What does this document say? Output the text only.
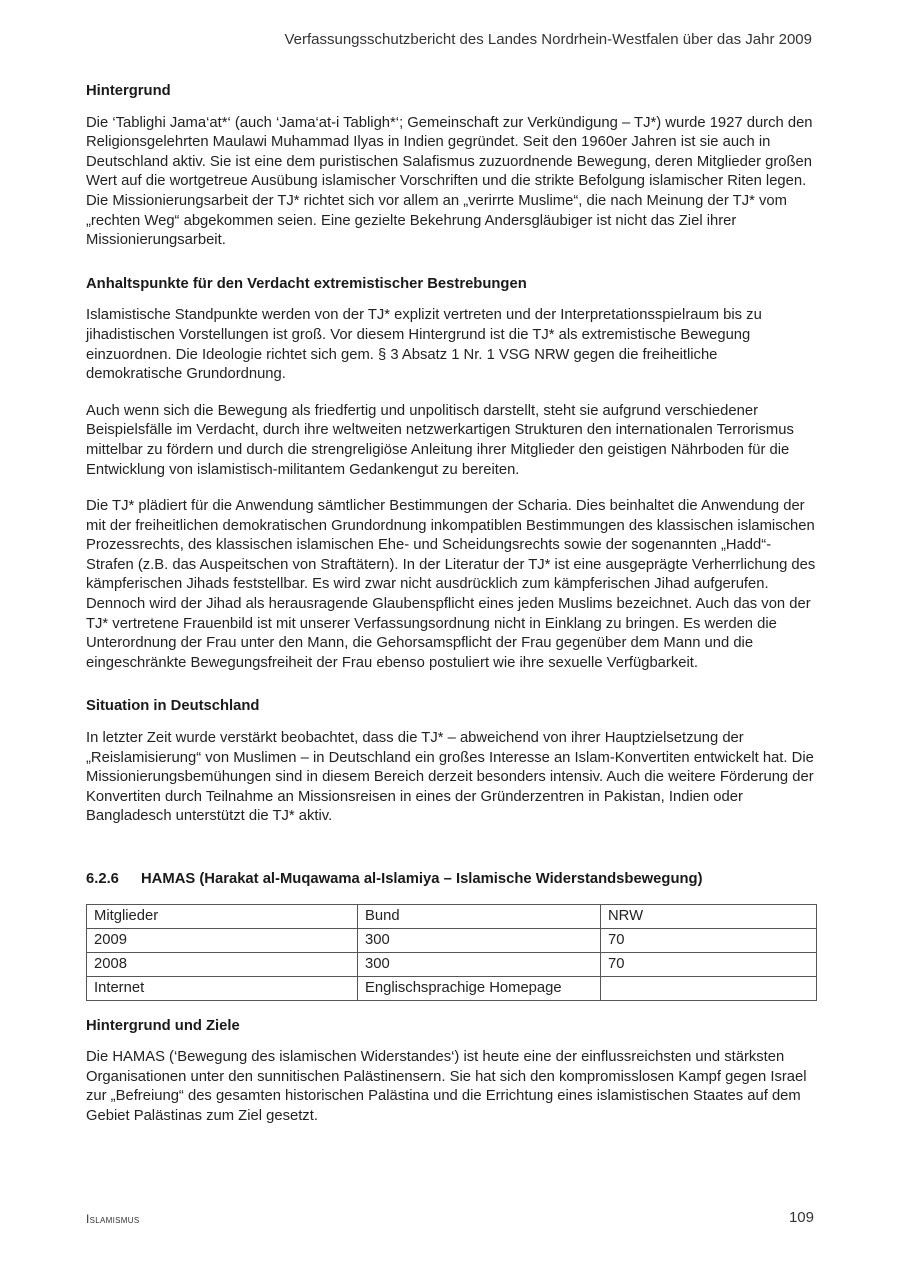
Verfassungsschutzbericht des Landes Nordrhein-Westfalen über das Jahr 2009
Hintergrund

Die ‘Tablighi Jama‘at*‘ (auch ‘Jama‘at-i Tabligh*‘; Gemeinschaft zur Verkündigung – TJ*) wurde 1927 durch den Religionsgelehrten Maulawi Muhammad Ilyas in Indien gegründet. Seit den 1960er Jahren ist sie auch in Deutschland aktiv. Sie ist eine dem puristischen Salafismus zuzuordnende Bewegung, deren Mitglieder großen Wert auf die wortgetreue Ausübung islamischer Vorschriften und die strikte Befolgung islamischer Riten legen. Die Missionierungsarbeit der TJ* richtet sich vor allem an „verirrte Muslime“, die nach Meinung der TJ* vom „rechten Weg“ abgekommen seien. Eine gezielte Bekehrung Andersgläubiger ist nicht das Ziel ihrer Missionierungsarbeit.

Anhaltspunkte für den Verdacht extremistischer Bestrebungen

Islamistische Standpunkte werden von der TJ* explizit vertreten und der Interpretationsspielraum bis zu jihadistischen Vorstellungen ist groß. Vor diesem Hintergrund ist die TJ* als extremistische Bewegung einzuordnen. Die Ideologie richtet sich gem. § 3 Absatz 1 Nr. 1 VSG NRW gegen die freiheitliche demokratische Grundordnung.

Auch wenn sich die Bewegung als friedfertig und unpolitisch darstellt, steht sie aufgrund verschiedener Beispielsfälle im Verdacht, durch ihre weltweiten netzwerkartigen Strukturen den internationalen Terrorismus mittelbar zu fördern und durch die strengreligiöse Anleitung ihrer Mitglieder den geistigen Nährboden für die Entwicklung von islamistisch-militantem Gedankengut zu bereiten.

Die TJ* plädiert für die Anwendung sämtlicher Bestimmungen der Scharia. Dies beinhaltet die Anwendung der mit der freiheitlichen demokratischen Grundordnung inkompatiblen Bestimmungen des klassischen islamischen Prozessrechts, des klassischen islamischen Ehe- und Scheidungsrechts sowie der sogenannten „Hadd“-Strafen (z.B. das Auspeitschen von Straftätern). In der Literatur der TJ* ist eine ausgeprägte Verherrlichung des kämpferischen Jihads feststellbar. Es wird zwar nicht ausdrücklich zum kämpferischen Jihad aufgerufen. Dennoch wird der Jihad als herausragende Glaubenspflicht eines jeden Muslims bezeichnet. Auch das von der TJ* vertretene Frauenbild ist mit unserer Verfassungsordnung nicht in Einklang zu bringen. Es werden die Unterordnung der Frau unter den Mann, die Gehorsamspflicht der Frau gegenüber dem Mann und die eingeschränkte Bewegungsfreiheit der Frau ebenso postuliert wie ihre sexuelle Verfügbarkeit.

Situation in Deutschland

In letzter Zeit wurde verstärkt beobachtet, dass die TJ* – abweichend von ihrer Hauptzielsetzung der „Reislamisierung“ von Muslimen – in Deutschland ein großes Interesse an Islam-Konvertiten entwickelt hat. Die Missionierungsbemühungen sind in diesem Bereich derzeit besonders intensiv. Auch die weitere Förderung der Konvertiten durch Teilnahme an Missionsreisen in eines der Gründerzentren in Pakistan, Indien oder Bangladesch unterstützt die TJ* aktiv.

6.2.6	HAMAS (Harakat al-Muqawama al-Islamiya – Islamische Widerstandsbewegung)
Mitglieder	Bund	NRW
2009	300	70
2008	300	70
Internet	Englischsprachige Homepage	
Hintergrund und Ziele

Die HAMAS (‘Bewegung des islamischen Widerstandes‘) ist heute eine der einflussreichsten und stärksten Organisationen unter den sunnitischen Palästinensern. Sie hat sich den kompromisslosen Kampf gegen Israel zur „Befreiung“ des gesamten historischen Palästina und die Errichtung eines islamistischen Staates auf dem Gebiet Palästinas zum Ziel gesetzt.

Islamismus	109
